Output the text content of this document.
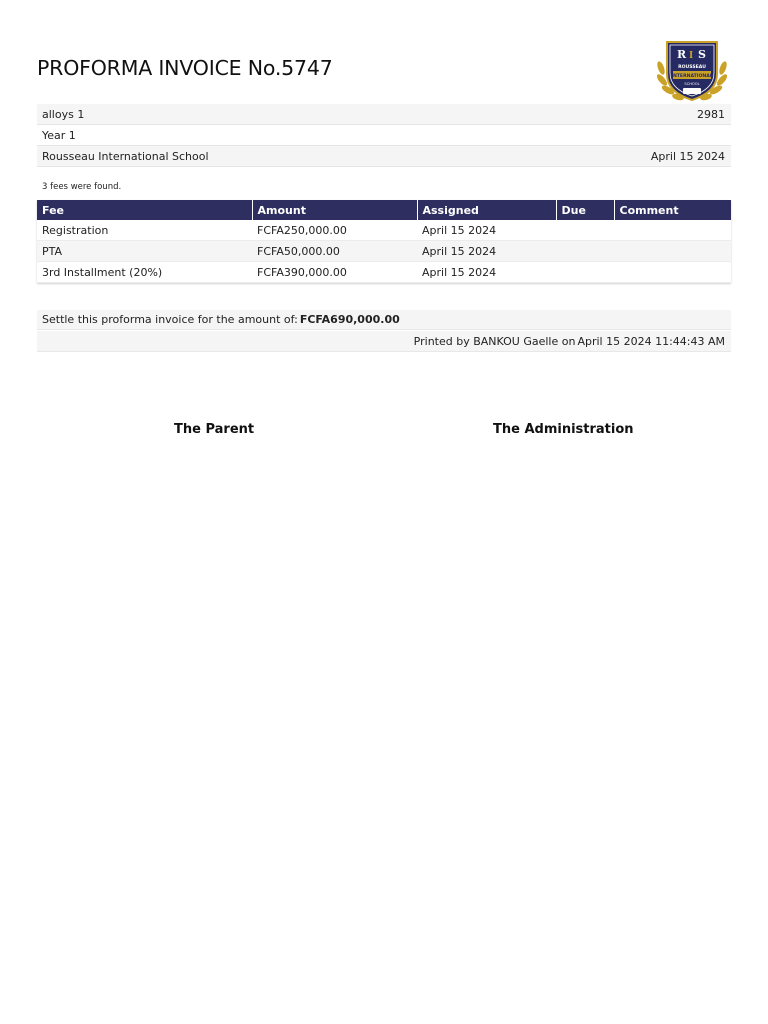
PROFORMA INVOICE No.5747
R I S
ROUSSEAU
INTERNATIONAL
SCHOOL
alloys 1	2981
Year 1
Rousseau International School	April 15 2024
3 fees were found.
Fee	Amount	Assigned	Due	Comment
Registration	FCFA250,000.00	April 15 2024		
PTA	FCFA50,000.00	April 15 2024		
3rd Installment (20%)	FCFA390,000.00	April 15 2024		
Settle this proforma invoice for the amount of: FCFA690,000.00
Printed by BANKOU Gaelle on April 15 2024 11:44:43 AM
The Parent	The Administration
